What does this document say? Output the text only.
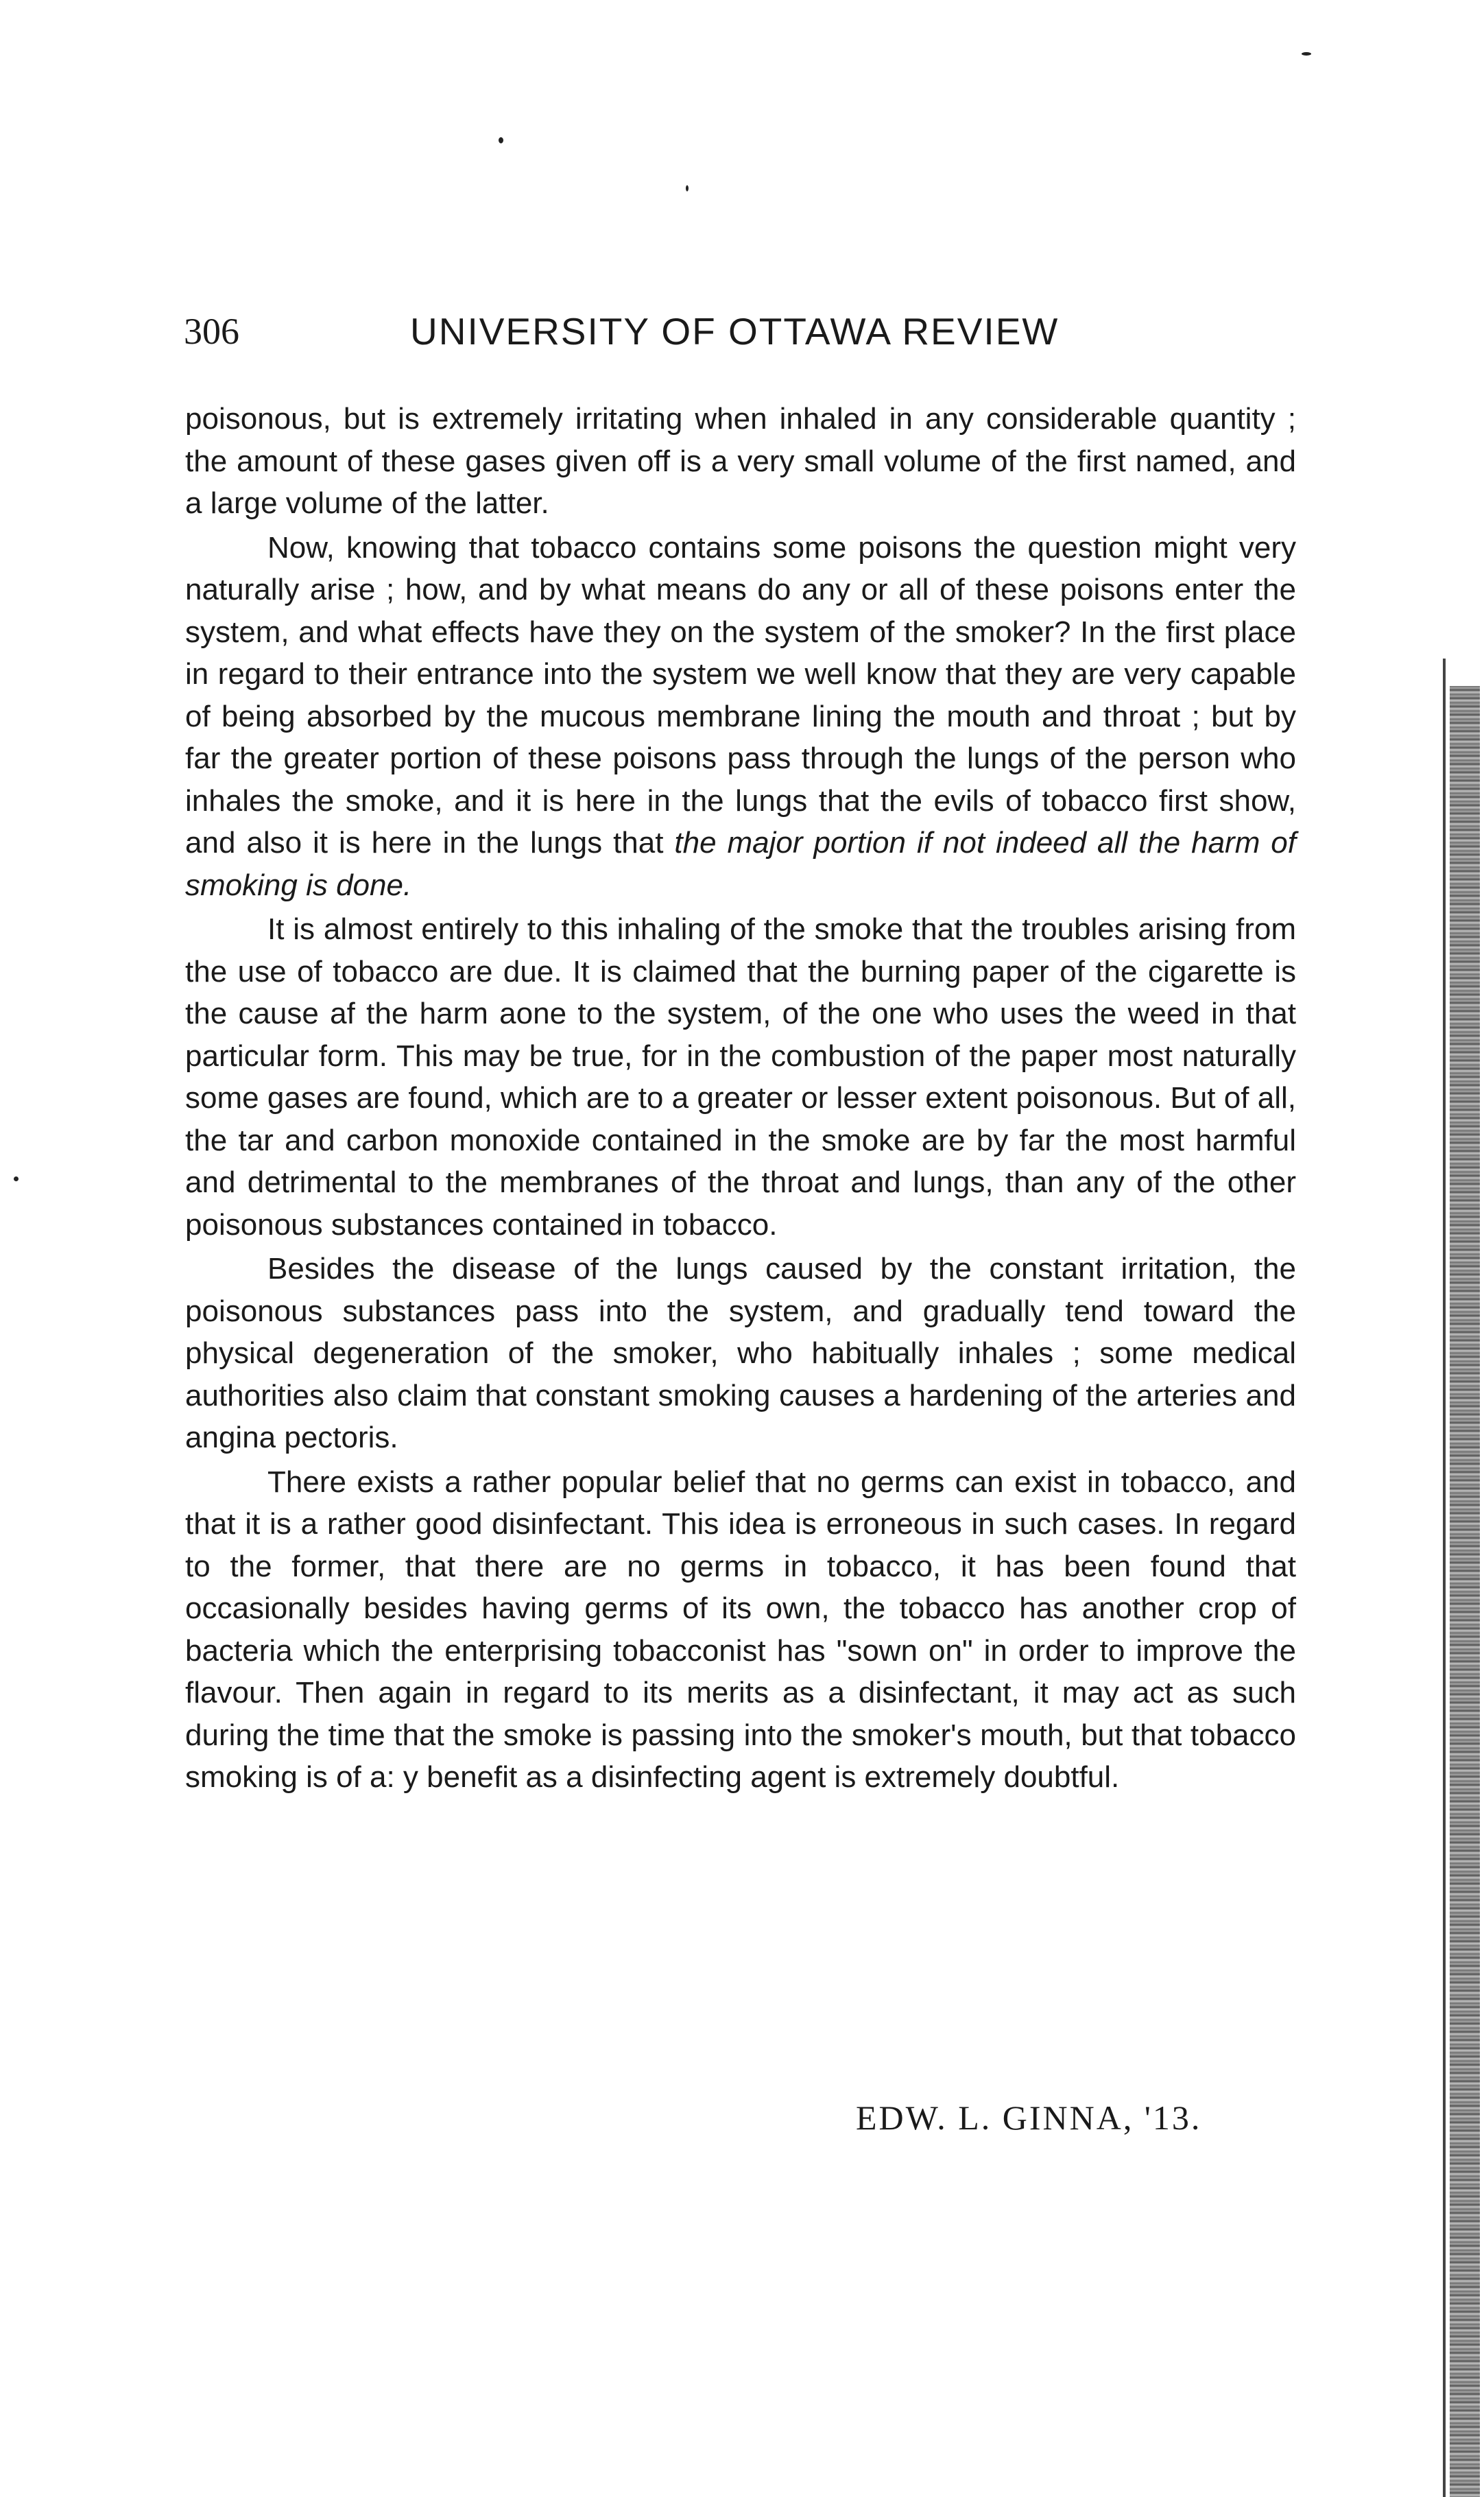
306	UNIVERSITY OF OTTAWA REVIEW

poisonous, but is extremely irritating when inhaled in any considerable quantity ; the amount of these gases given off is a very small volume of the first named, and a large volume of the latter.

Now, knowing that tobacco contains some poisons the question might very naturally arise ; how, and by what means do any or all of these poisons enter the system, and what effects have they on the system of the smoker? In the first place in regard to their entrance into the system we well know that they are very capable of being absorbed by the mucous membrane lining the mouth and throat ; but by far the greater portion of these poisons pass through the lungs of the person who inhales the smoke, and it is here in the lungs that the evils of tobacco first show, and also it is here in the lungs that the major portion if not indeed all the harm of smoking is done.

It is almost entirely to this inhaling of the smoke that the troubles arising from the use of tobacco are due. It is claimed that the burning paper of the cigarette is the cause af the harm aone to the system, of the one who uses the weed in that particular form. This may be true, for in the combustion of the paper most naturally some gases are found, which are to a greater or lesser extent poisonous. But of all, the tar and carbon monoxide contained in the smoke are by far the most harmful and detrimental to the membranes of the throat and lungs, than any of the other poisonous substances contained in tobacco.

Besides the disease of the lungs caused by the constant irritation, the poisonous substances pass into the system, and gradually tend toward the physical degeneration of the smoker, who habitually inhales ; some medical authorities also claim that constant smoking causes a hardening of the arteries and angina pectoris.

There exists a rather popular belief that no germs can exist in tobacco, and that it is a rather good disinfectant. This idea is erroneous in such cases. In regard to the former, that there are no germs in tobacco, it has been found that occasionally besides having germs of its own, the tobacco has another crop of bacteria which the enterprising tobacconist has "sown on" in order to improve the flavour. Then again in regard to its merits as a disinfectant, it may act as such during the time that the smoke is passing into the smoker's mouth, but that tobacco smoking is of a: y benefit as a disinfecting agent is extremely doubtful.

EDW. L. GINNA, '13.
